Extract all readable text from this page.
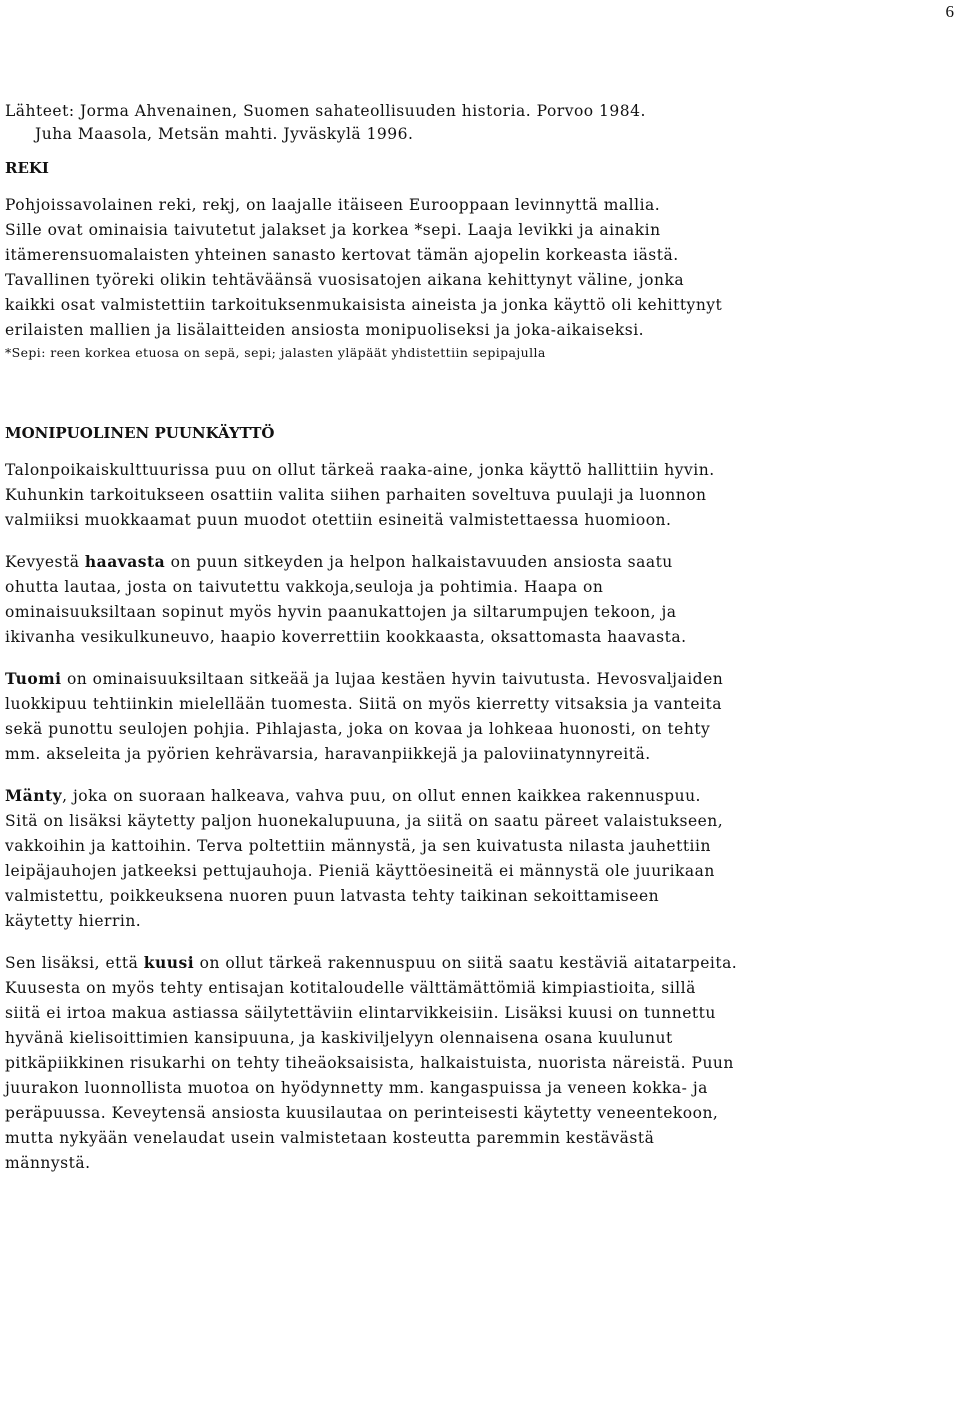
6
Lähteet: Jorma Ahvenainen, Suomen sahateollisuuden historia. Porvoo 1984.
Juha Maasola, Metsän mahti. Jyväskylä 1996.
REKI
Pohjoissavolainen reki, rekj, on laajalle itäiseen Eurooppaan levinnyttä mallia.
Sille ovat ominaisia taivutetut jalakset ja korkea *sepi. Laaja levikki ja ainakin
itämerensuomalaisten yhteinen sanasto kertovat tämän ajopelin korkeasta iästä.
Tavallinen työreki olikin tehtäväänsä vuosisatojen aikana kehittynyt väline, jonka
kaikki osat valmistettiin tarkoituksenmukaisista aineista ja jonka käyttö oli kehittynyt
erilaisten mallien ja lisälaitteiden ansiosta monipuoliseksi ja joka-aikaiseksi.
*Sepi: reen korkea etuosa on sepä, sepi; jalasten yläpäät yhdistettiin sepipajulla
MONIPUOLINEN PUUNKÄYTTÖ
Talonpoikaiskulttuurissa puu on ollut tärkeä raaka-aine, jonka käyttö hallittiin hyvin.
Kuhunkin tarkoitukseen osattiin valita siihen parhaiten soveltuva puulaji ja luonnon
valmiiksi muokkaamat puun muodot otettiin esineitä valmistettaessa huomioon.
Kevyestä haavasta on puun sitkeyden ja helpon halkaistavuuden ansiosta saatu
ohutta lautaa, josta on taivutettu vakkoja,seuloja ja pohtimia. Haapa on
ominaisuuksiltaan sopinut myös hyvin paanukattojen ja siltarumpujen tekoon, ja
ikivanha vesikulkuneuvo, haapio koverrettiin kookkaasta, oksattomasta haavasta.
Tuomi on ominaisuuksiltaan sitkeää ja lujaa kestäen hyvin taivutusta. Hevosvaljaiden
luokkipuu tehtiinkin mielellään tuomesta. Siitä on myös kierretty vitsaksia ja vanteita
sekä punottu seulojen pohjia. Pihlajasta, joka on kovaa ja lohkeaa huonosti, on tehty
mm. akseleita ja pyörien kehrävarsia, haravanpiikkejä ja paloviinatynnyreitä.
Mänty, joka on suoraan halkeava, vahva puu, on ollut ennen kaikkea rakennuspuu.
Sitä on lisäksi käytetty paljon huonekalupuuna, ja siitä on saatu päreet valaistukseen,
vakkoihin ja kattoihin. Terva poltettiin männystä, ja sen kuivatusta nilasta jauhettiin
leipäjauhojen jatkeeksi pettujauhoja. Pieniä käyttöesineitä ei männystä ole juurikaan
valmistettu, poikkeuksena nuoren puun latvasta tehty taikinan sekoittamiseen
käytetty hierrin.
Sen lisäksi, että kuusi on ollut tärkeä rakennuspuu on siitä saatu kestäviä aitatarpeita.
Kuusesta on myös tehty entisajan kotitaloudelle välttämättömiä kimpiastioita, sillä
siitä ei irtoa makua astiassa säilytettäviin elintarvikkeisiin. Lisäksi kuusi on tunnettu
hyvänä kielisoittimien kansipuuna, ja kaskiviljelyyn olennaisena osana kuulunut
pitkäpiikkinen risukarhi on tehty tiheäoksaisista, halkaistuista, nuorista näreistä. Puun
juurakon luonnollista muotoa on hyödynnetty mm. kangaspuissa ja veneen kokka- ja
peräpuussa. Keveytensä ansiosta kuusilautaa on perinteisesti käytetty veneentekoon,
mutta nykyään venelaudat usein valmistetaan kosteutta paremmin kestävästä
männystä.
